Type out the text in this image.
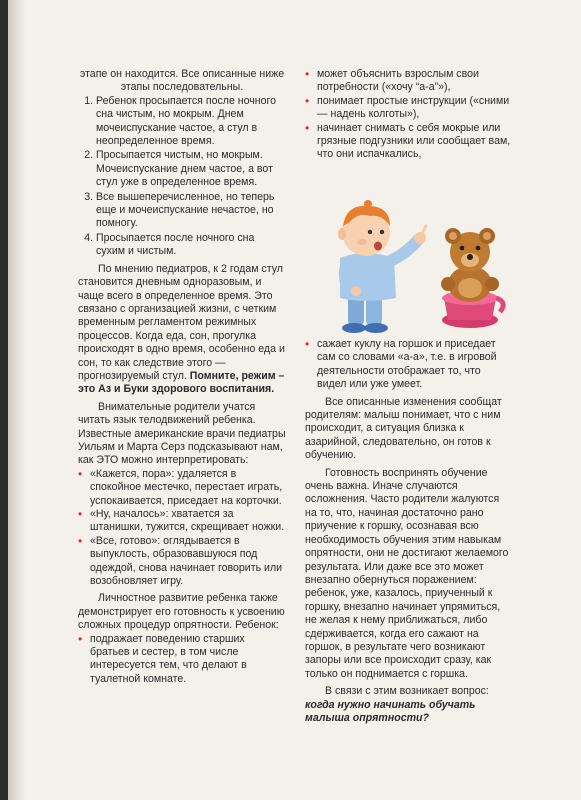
этапе он находится. Все описанные ниже этапы последовательны.

1. Ребенок просыпается после ночного сна чистым, но мокрым. Днем мочеиспускание частое, а стул в неопределенное время.
2. Просыпается чистым, но мокрым. Мочеиспускание днем частое, а вот стул уже в определенное время.
3. Все вышеперечисленное, но теперь еще и мочеиспускание нечастое, но помногу.
4. Просыпается после ночного сна сухим и чистым.

По мнению педиатров, к 2 годам стул становится дневным одноразовым, и чаще всего в определенное время. Это связано с организацией жизни, с четким временным регламентом режимных процессов. Когда еда, сон, прогулка происходят в одно время, особенно еда и сон, то как следствие этого — прогнозируемый стул. Помните, режим – это Аз и Буки здорового воспитания.

Внимательные родители учатся читать язык телодвижений ребенка. Известные американские врачи педиатры Уильям и Марта Серз подсказывают нам, как ЭТО можно интерпретировать:

• «Кажется, пора»: удаляется в спокойное местечко, перестает играть, успокаивается, приседает на корточки.
• «Ну, началось»: хватается за штанишки, тужится, скрещивает ножки.
• «Все, готово»: оглядывается в выпуклость, образовавшуюся под одеждой, снова начинает говорить или возобновляет игру.

Личностное развитие ребенка также демонстрирует его готовность к усвоению сложных процедур опрятности. Ребенок:

• подражает поведению старших братьев и сестер, в том числе интересуется тем, что делают в туалетной комнате.
• может объяснить взрослым свои потребности («хочу “а-а”»),
• понимает простые инструкции («сними — надень колготы»),
• начинает снимать с себя мокрые или грязные подгузники или сообщает вам, что они испачкались,
• сажает куклу на горшок и приседает сам со словами «а-а», т.е. в игровой деятельности отображает то, что видел или уже умеет.

Все описанные изменения сообщат родителям: малыш понимает, что с ним происходит, а ситуация близка к азарийной, следовательно, он готов к обучению.

Готовность воспринять обучение очень важна. Иначе случаются осложнения. Часто родители жалуются на то, что, начиная достаточно рано приучение к горшку, осознавая всю необходимость обучения этим навыкам опрятности, они не достигают желаемого результата. Или даже все это может внезапно обернуться поражением: ребенок, уже, казалось, приученный к горшку, внезапно начинает упрямиться, не желая к нему приближаться, либо сдерживается, когда его сажают на горшок, в результате чего возникают запоры или все происходит сразу, как только он поднимается с горшка.

В связи с этим возникает вопрос: когда нужно начинать обучать малыша опрятности?
